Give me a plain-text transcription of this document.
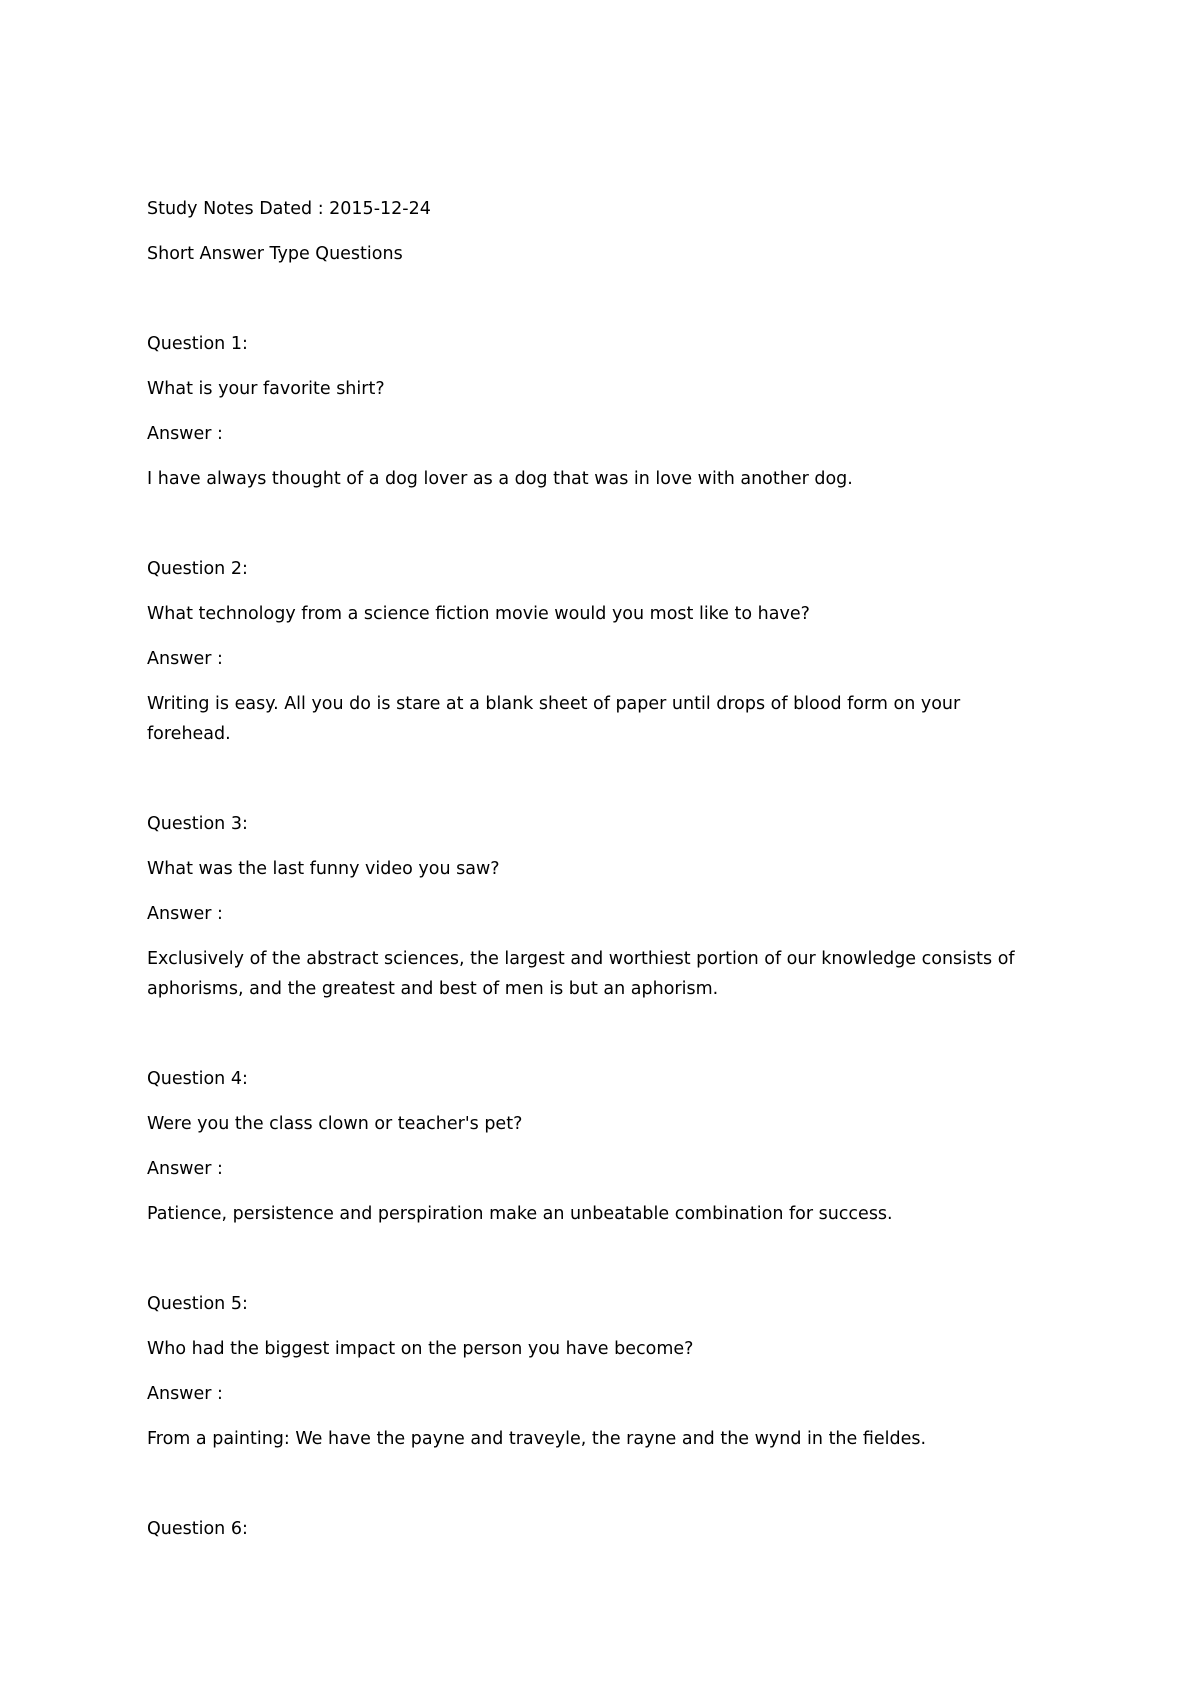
Study Notes Dated : 2015-12-24

Short Answer Type Questions

Question 1:

What is your favorite shirt?

Answer :

I have always thought of a dog lover as a dog that was in love with another dog.

Question 2:

What technology from a science fiction movie would you most like to have?

Answer :

Writing is easy. All you do is stare at a blank sheet of paper until drops of blood form on your forehead.

Question 3:

What was the last funny video you saw?

Answer :

Exclusively of the abstract sciences, the largest and worthiest portion of our knowledge consists of aphorisms, and the greatest and best of men is but an aphorism.

Question 4:

Were you the class clown or teacher's pet?

Answer :

Patience, persistence and perspiration make an unbeatable combination for success.

Question 5:

Who had the biggest impact on the person you have become?

Answer :

From a painting: We have the payne and traveyle, the rayne and the wynd in the fieldes.

Question 6:
